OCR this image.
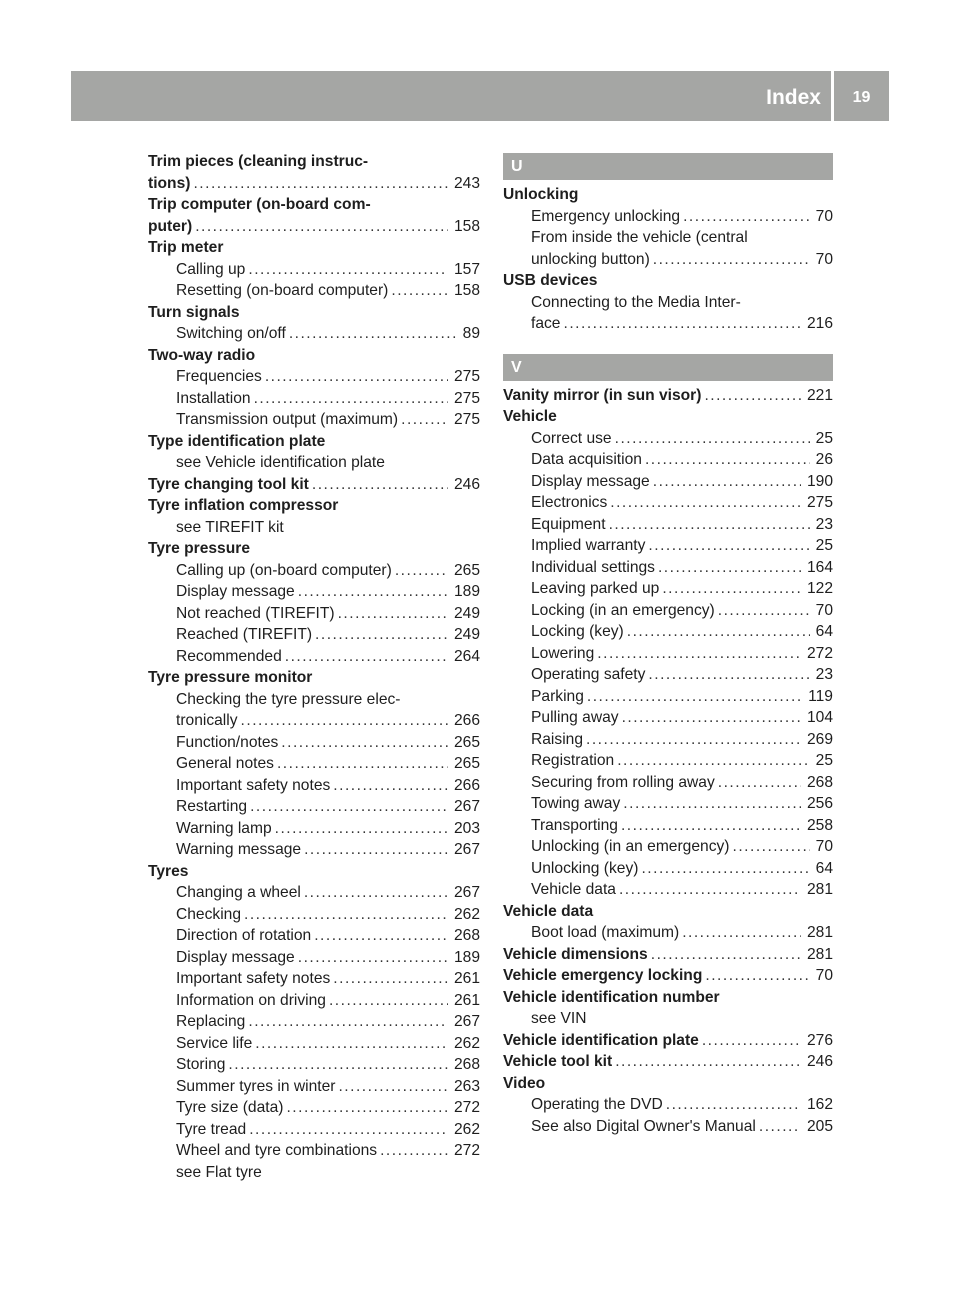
Index	19
Trim pieces (cleaning instruc-
tions) .....	243
Trip computer (on-board com-
puter) .....	158
Trip meter
Calling up .....	157
Resetting (on-board computer) .....	158
Turn signals
Switching on/off .....	89
Two-way radio
Frequencies .....	275
Installation .....	275
Transmission output (maximum) .....	275
Type identification plate
see Vehicle identification plate
Tyre changing tool kit .....	246
Tyre inflation compressor
see TIREFIT kit
Tyre pressure
Calling up (on-board computer) .....	265
Display message .....	189
Not reached (TIREFIT) .....	249
Reached (TIREFIT) .....	249
Recommended .....	264
Tyre pressure monitor
Checking the tyre pressure elec-
tronically .....	266
Function/notes .....	265
General notes .....	265
Important safety notes .....	266
Restarting .....	267
Warning lamp .....	203
Warning message .....	267
Tyres
Changing a wheel .....	267
Checking .....	262
Direction of rotation .....	268
Display message .....	189
Important safety notes .....	261
Information on driving .....	261
Replacing .....	267
Service life .....	262
Storing .....	268
Summer tyres in winter .....	263
Tyre size (data) .....	272
Tyre tread .....	262
Wheel and tyre combinations .....	272
see Flat tyre
U
Unlocking
Emergency unlocking .....	70
From inside the vehicle (central
unlocking button) .....	70
USB devices
Connecting to the Media Inter-
face .....	216
V
Vanity mirror (in sun visor) .....	221
Vehicle
Correct use .....	25
Data acquisition .....	26
Display message .....	190
Electronics .....	275
Equipment .....	23
Implied warranty .....	25
Individual settings .....	164
Leaving parked up .....	122
Locking (in an emergency) .....	70
Locking (key) .....	64
Lowering .....	272
Operating safety .....	23
Parking .....	119
Pulling away .....	104
Raising .....	269
Registration .....	25
Securing from rolling away .....	268
Towing away .....	256
Transporting .....	258
Unlocking (in an emergency) .....	70
Unlocking (key) .....	64
Vehicle data .....	281
Vehicle data
Boot load (maximum) .....	281
Vehicle dimensions .....	281
Vehicle emergency locking .....	70
Vehicle identification number
see VIN
Vehicle identification plate .....	276
Vehicle tool kit .....	246
Video
Operating the DVD .....	162
See also Digital Owner's Manual .....	205
